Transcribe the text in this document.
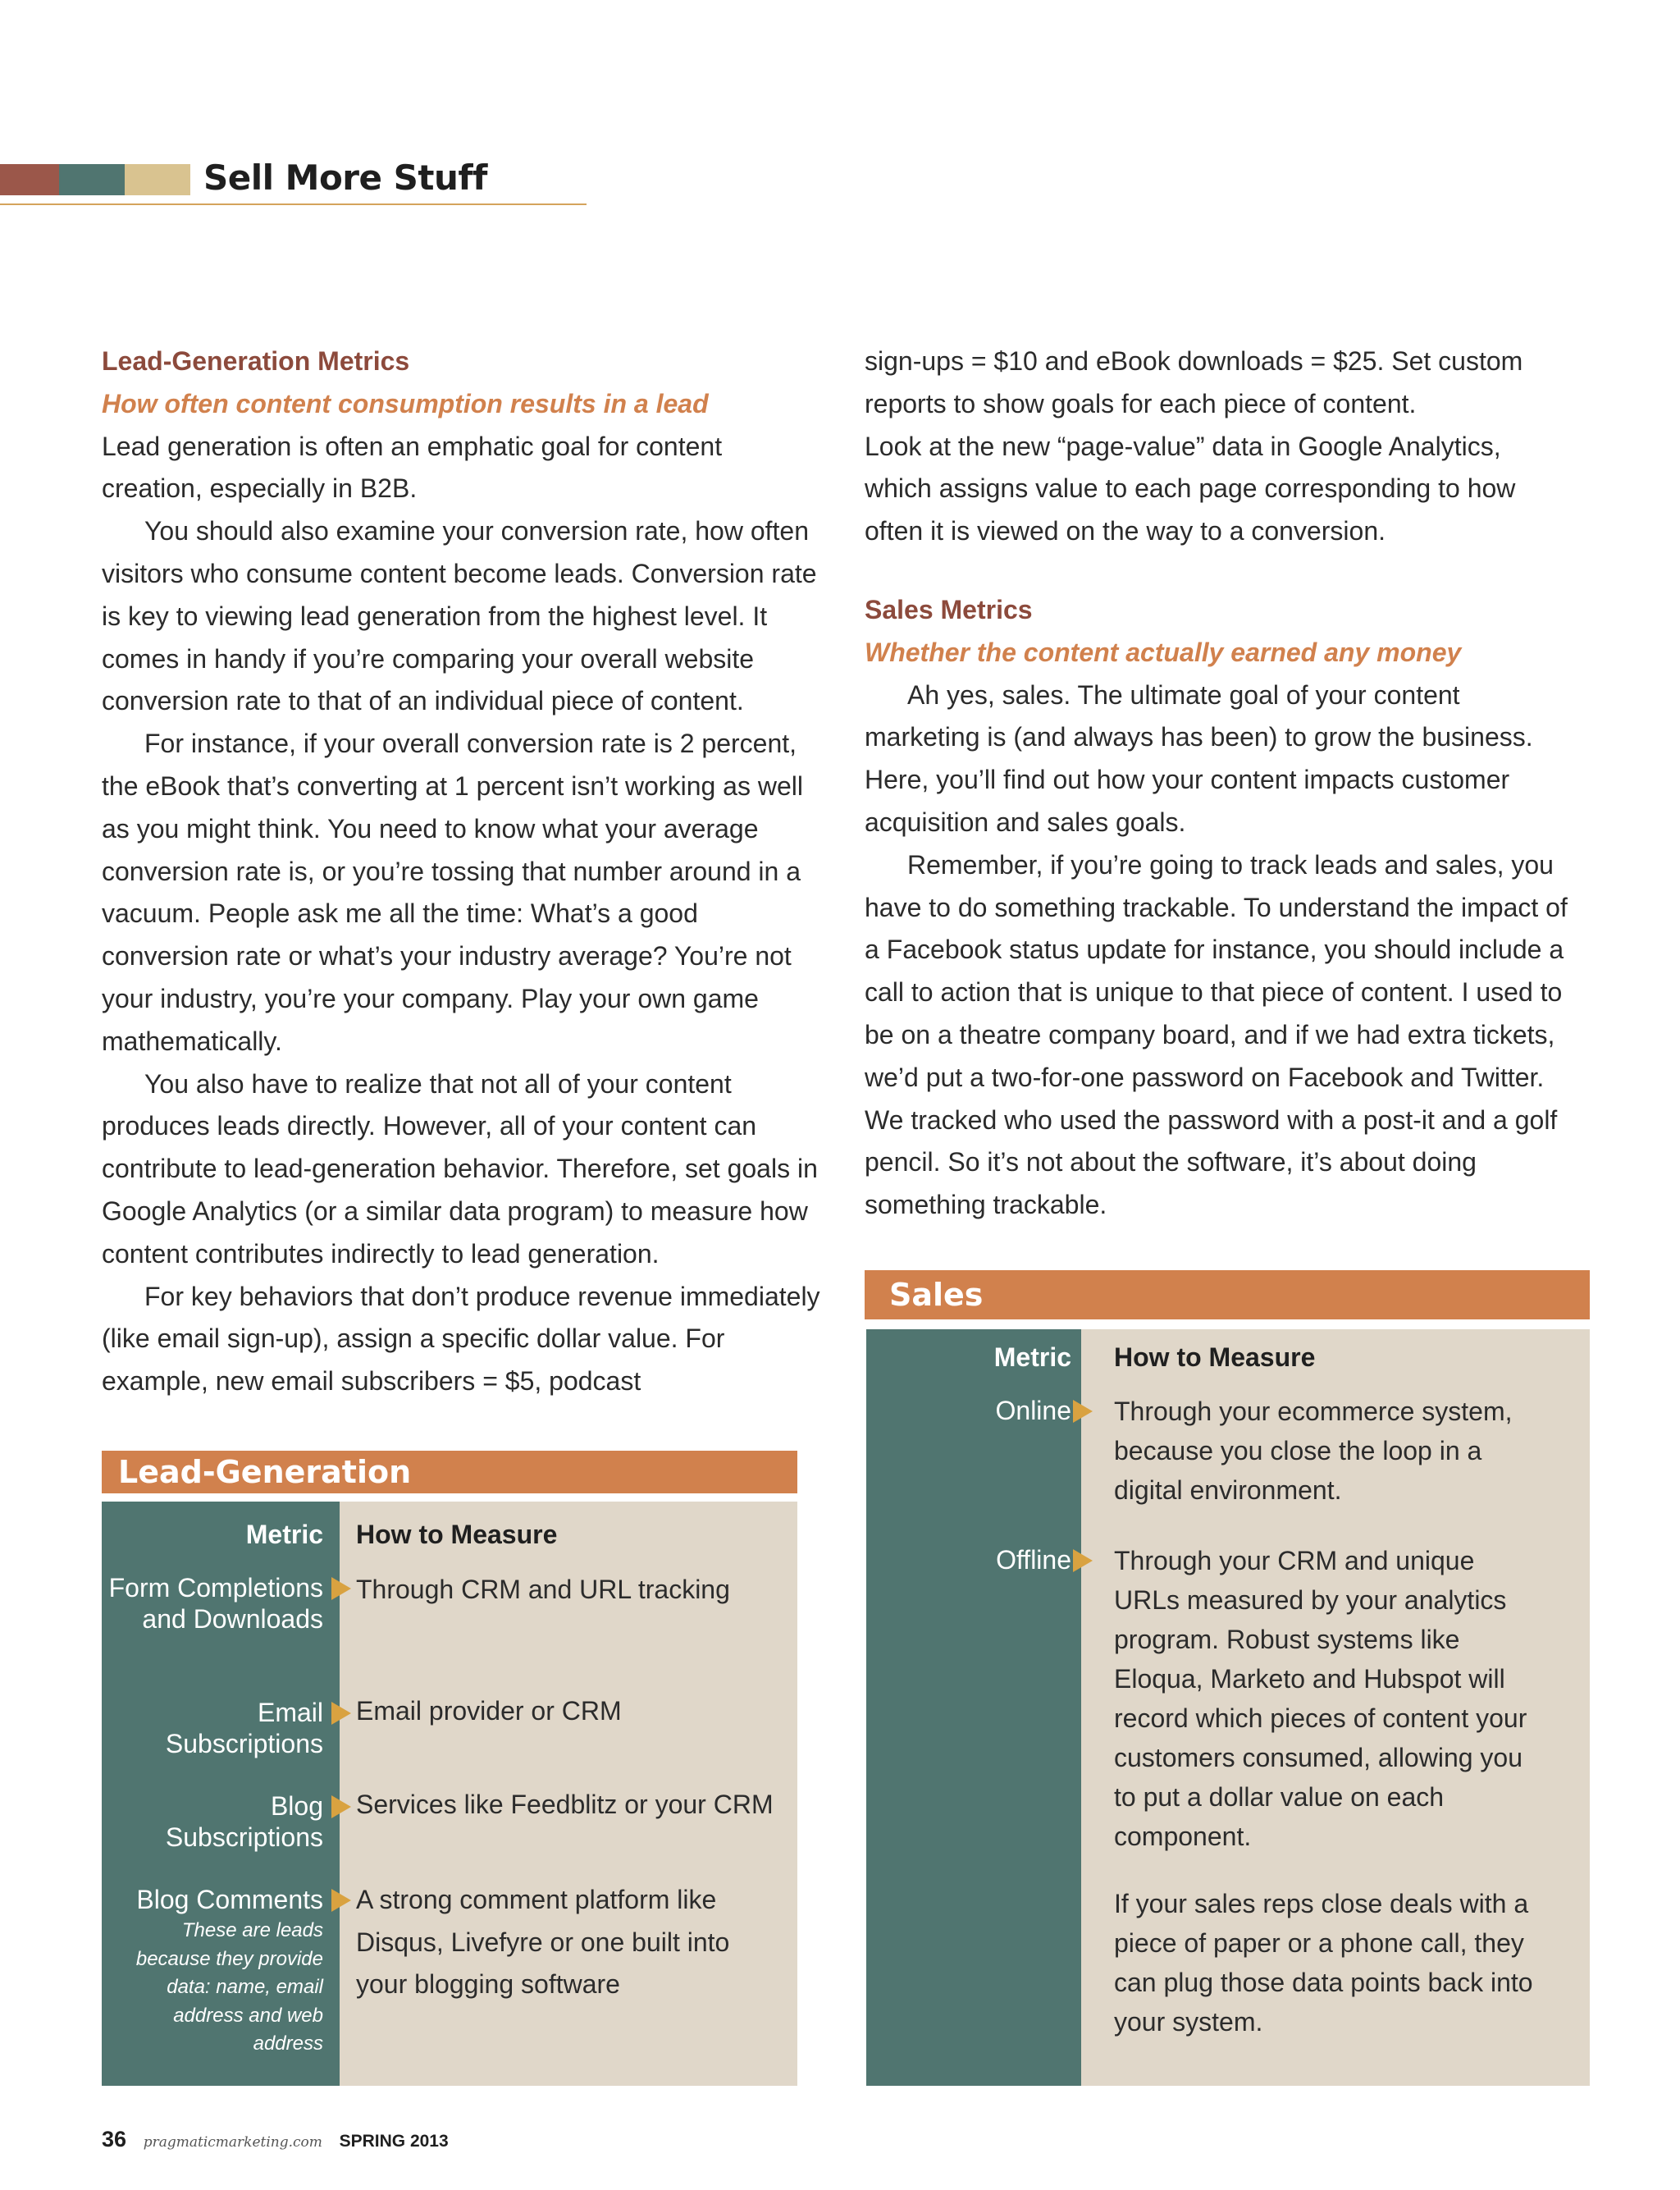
Sell More Stuff

Lead-Generation Metrics

How often content consumption results in a lead

Lead generation is often an emphatic goal for content creation, especially in B2B.

You should also examine your conversion rate, how often visitors who consume content become leads. Conversion rate is key to viewing lead generation from the highest level. It comes in handy if you’re comparing your overall website conversion rate to that of an individual piece of content.

For instance, if your overall conversion rate is 2 percent, the eBook that’s converting at 1 percent isn’t working as well as you might think. You need to know what your average conversion rate is, or you’re tossing that number around in a vacuum. People ask me all the time: What’s a good conversion rate or what’s your industry average? You’re not your industry, you’re your company. Play your own game mathematically.

You also have to realize that not all of your content produces leads directly. However, all of your content can contribute to lead-generation behavior. Therefore, set goals in Google Analytics (or a similar data program) to measure how content contributes indirectly to lead generation.

For key behaviors that don’t produce revenue immediately (like email sign-up), assign a specific dollar value. For example, new email subscribers = $5, podcast

sign-ups = $10 and eBook downloads = $25. Set custom reports to show goals for each piece of content.

Look at the new “page-value” data in Google Analytics, which assigns value to each page corresponding to how often it is viewed on the way to a conversion.

Sales Metrics

Whether the content actually earned any money

Ah yes, sales. The ultimate goal of your content marketing is (and always has been) to grow the business. Here, you’ll find out how your content impacts customer acquisition and sales goals.

Remember, if you’re going to track leads and sales, you have to do something trackable. To understand the impact of a Facebook status update for instance, you should include a call to action that is unique to that piece of content. I used to be on a theatre company board, and if we had extra tickets, we’d put a two-for-one password on Facebook and Twitter. We tracked who used the password with a post-it and a golf pencil. So it’s not about the software, it’s about doing something trackable.

Lead-Generation
Metric How to Measure
Form Completions and Downloads
Through CRM and URL tracking
Email Subscriptions
Email provider or CRM
Blog Subscriptions
Services like Feedblitz or your CRM
Blog Comments
These are leads because they provide data: name, email address and web address
A strong comment platform like Disqus, Livefyre or one built into your blogging software
Sales
Metric How to Measure
Online Through your ecommerce system, because you close the loop in a digital environment.
Offline Through your CRM and unique URLs measured by your analytics program. Robust systems like Eloqua, Marketo and Hubspot will record which pieces of content your customers consumed, allowing you to put a dollar value on each component.
If your sales reps close deals with a piece of paper or a phone call, they can plug those data points back into your system.
36 pragmaticmarketing.com SPRING 2013
